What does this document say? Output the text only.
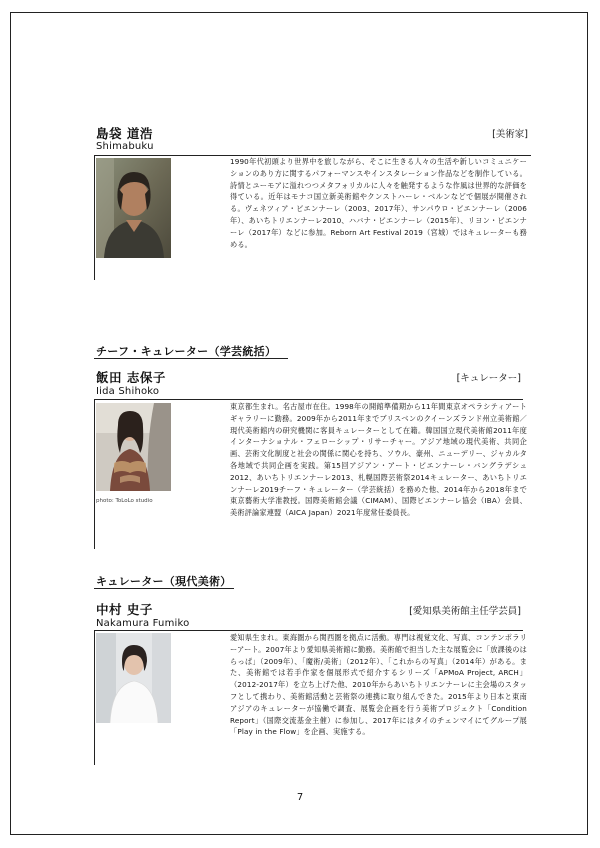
島袋 道浩
Shimabuku
[美術家]

1990年代初頭より世界中を旅しながら、そこに生きる人々の生活や新しいコミュニケーションのあり方に関するパフォーマンスやインスタレーション作品などを制作している。詩情とユーモアに溢れつつメタフォリカルに人々を触発するような作風は世界的な評価を得ている。近年はモナコ国立新美術館やクンストハーレ・ベルンなどで個展が開催される。ヴェネツィア・ビエンナーレ（2003、2017年）、サンパウロ・ビエンナーレ（2006年）、あいちトリエンナーレ2010、ハバナ・ビエンナーレ（2015年）、リヨン・ビエンナーレ（2017年）などに参加。Reborn Art Festival 2019（宮城）ではキュレーターも務める。

チーフ・キュレーター（学芸統括）
飯田 志保子
Iida Shihoko
[キュレーター]
photo: ToLoLo studio

東京都生まれ。名古屋市在住。1998年の開館準備期から11年間東京オペラシティアートギャラリーに勤務。2009年から2011年までブリスベンのクイーンズランド州立美術館／現代美術館内の研究機関に客員キュレーターとして在籍。韓国国立現代美術館2011年度インターナショナル・フェローシップ・リサーチャー。アジア地域の現代美術、共同企画、芸術文化制度と社会の関係に関心を持ち、ソウル、豪州、ニューデリー、ジャカルタ各地域で共同企画を実践。第15回アジアン・アート・ビエンナーレ・バングラデシュ2012、あいちトリエンナーレ2013、札幌国際芸術祭2014キュレーター、あいちトリエンナーレ2019チーフ・キュレーター（学芸統括）を務めた他、2014年から2018年まで東京藝術大学准教授。国際美術館会議（CIMAM）、国際ビエンナーレ協会（IBA）会員、美術評論家連盟（AICA Japan）2021年度常任委員長。

キュレーター（現代美術）
中村 史子
Nakamura Fumiko
[愛知県美術館主任学芸員]

愛知県生まれ。東海圏から関西圏を拠点に活動。専門は視覚文化、写真、コンテンポラリーアート。2007年より愛知県美術館に勤務。美術館で担当した主な展覧会に「放課後のはらっぱ」（2009年）、「魔術/美術」（2012年）、「これからの写真」（2014年）がある。また、美術館では若手作家を個展形式で紹介するシリーズ「APMoA Project, ARCH」（2012-2017年）を立ち上げた他、2010年からあいちトリエンナーレに主会場のスタッフとして携わり、美術館活動と芸術祭の連携に取り組んできた。2015年より日本と東南アジアのキュレーターが協働で調査、展覧会企画を行う美術プロジェクト「Condition Report」（国際交流基金主催）に参加し、2017年にはタイのチェンマイにてグループ展「Play in the Flow」を企画、実施する。

7
